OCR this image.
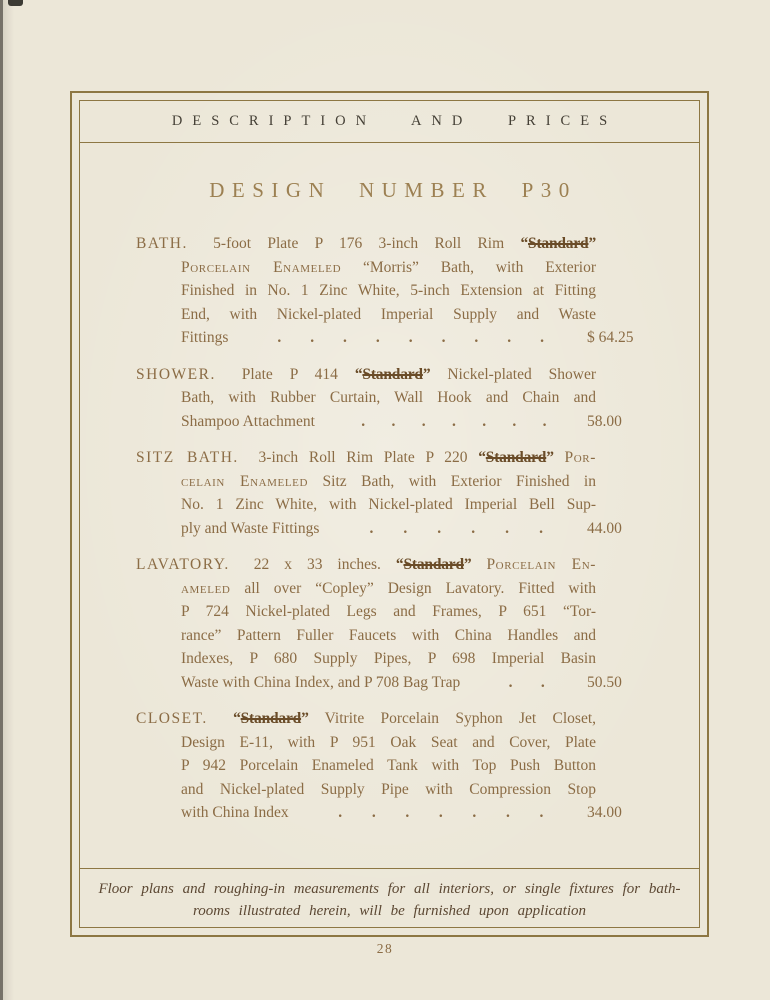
DESCRIPTION AND PRICES
DESIGN NUMBER P30
BATH. 5-foot Plate P 176 3-inch Roll Rim “Standard”
Porcelain Enameled “Morris” Bath, with Exterior
Finished in No. 1 Zinc White, 5-inch Extension at Fitting
End, with Nickel-plated Imperial Supply and Waste
Fittings	. . . . . . . . .	$ 64.25
SHOWER. Plate P 414 “Standard” Nickel-plated Shower
Bath, with Rubber Curtain, Wall Hook and Chain and
Shampoo Attachment	. . . . . . .	58.00
SITZ BATH. 3-inch Roll Rim Plate P 220 “Standard” Por-
celain Enameled Sitz Bath, with Exterior Finished in
No. 1 Zinc White, with Nickel-plated Imperial Bell Sup-
ply and Waste Fittings	. . . . . .	44.00
LAVATORY. 22 x 33 inches. “Standard” Porcelain En-
ameled all over “Copley” Design Lavatory. Fitted with
P 724 Nickel-plated Legs and Frames, P 651 “Tor-
rance” Pattern Fuller Faucets with China Handles and
Indexes, P 680 Supply Pipes, P 698 Imperial Basin
Waste with China Index, and P 708 Bag Trap	. .	50.50
CLOSET. “Standard” Vitrite Porcelain Syphon Jet Closet,
Design E-11, with P 951 Oak Seat and Cover, Plate
P 942 Porcelain Enameled Tank with Top Push Button
and Nickel-plated Supply Pipe with Compression Stop
with China Index	. . . . . . .	34.00
Floor plans and roughing-in measurements for all interiors, or single fixtures for bath-
rooms illustrated herein, will be furnished upon application
28
